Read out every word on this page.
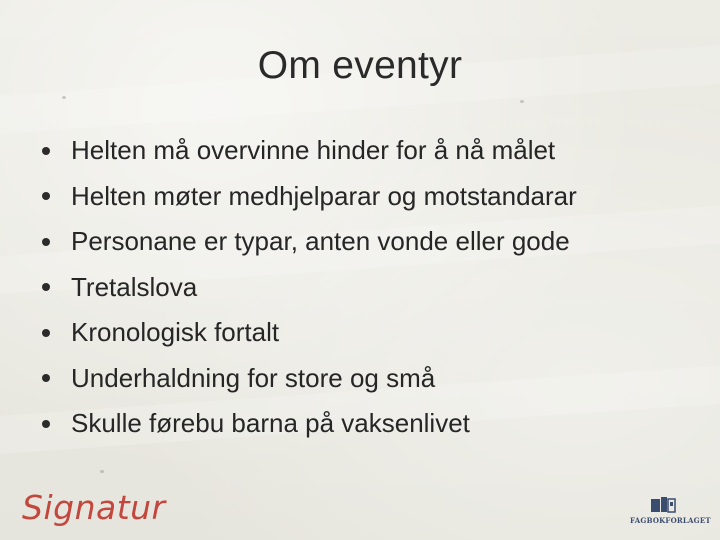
Om eventyr
Helten må overvinne hinder for å nå målet
Helten møter medhjelparar og motstandarar
Personane er typar, anten vonde eller gode
Tretalslova
Kronologisk fortalt
Underhaldning for store og små
Skulle førebu barna på vaksenlivet
Signatur	FAGBOKFORLAGET
